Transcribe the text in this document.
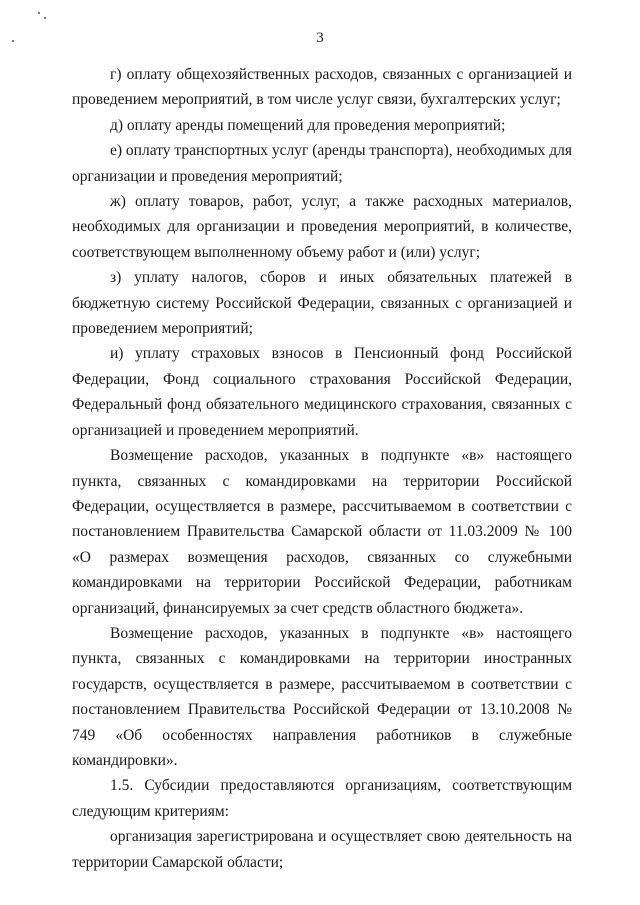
3

г) оплату общехозяйственных расходов, связанных с организацией и проведением мероприятий, в том числе услуг связи, бухгалтерских услуг;

д) оплату аренды помещений для проведения мероприятий;

е) оплату транспортных услуг (аренды транспорта), необходимых для организации и проведения мероприятий;

ж) оплату товаров, работ, услуг, а также расходных материалов, необходимых для организации и проведения мероприятий, в количестве, соответствующем выполненному объему работ и (или) услуг;

з) уплату налогов, сборов и иных обязательных платежей в бюджетную систему Российской Федерации, связанных с организацией и проведением мероприятий;

и) уплату страховых взносов в Пенсионный фонд Российской Федерации, Фонд социального страхования Российской Федерации, Федеральный фонд обязательного медицинского страхования, связанных с организацией и проведением мероприятий.

Возмещение расходов, указанных в подпункте «в» настоящего пункта, связанных с командировками на территории Российской Федерации, осуществляется в размере, рассчитываемом в соответствии с постановлением Правительства Самарской области от 11.03.2009 № 100 «О размерах возмещения расходов, связанных со служебными командировками на территории Российской Федерации, работникам организаций, финансируемых за счет средств областного бюджета».

Возмещение расходов, указанных в подпункте «в» настоящего пункта, связанных с командировками на территории иностранных государств, осуществляется в размере, рассчитываемом в соответствии с постановлением Правительства Российской Федерации от 13.10.2008 № 749 «Об особенностях направления работников в служебные командировки».

1.5. Субсидии предоставляются организациям, соответствующим следующим критериям:

организация зарегистрирована и осуществляет свою деятельность на территории Самарской области;
